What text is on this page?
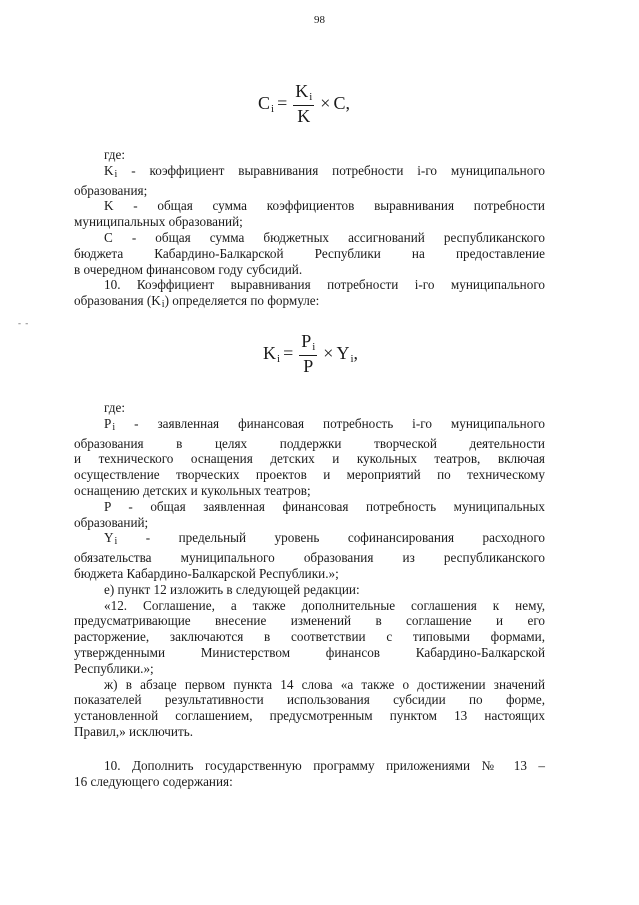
98
$C_i = \frac{K_i}{K} \times C$,

где:

Ki - коэффициент выравнивания потребности i-го муниципального

образования;

K - общая сумма коэффициентов выравнивания потребности

муниципальных образований;

C - общая сумма бюджетных ассигнований республиканского

бюджета Кабардино-Балкарской Республики на предоставление

в очередном финансовом году субсидий.

10. Коэффициент выравнивания потребности i-го муниципального

образования (Ki) определяется по формуле:

- -
$K_i = \frac{P_i}{P} \times Y_i$,

где:

Pi - заявленная финансовая потребность i-го муниципального

образования в целях поддержки творческой деятельности

и технического оснащения детских и кукольных театров, включая

осуществление творческих проектов и мероприятий по техническому

оснащению детских и кукольных театров;

P - общая заявленная финансовая потребность муниципальных

образований;

Yi - предельный уровень софинансирования расходного

обязательства муниципального образования из республиканского

бюджета Кабардино-Балкарской Республики.»;

е) пункт 12 изложить в следующей редакции:

«12. Соглашение, а также дополнительные соглашения к нему,

предусматривающие внесение изменений в соглашение и его

расторжение, заключаются в соответствии с типовыми формами,

утвержденными Министерством финансов Кабардино-Балкарской

Республики.»;

ж) в абзаце первом пункта 14 слова «а также о достижении значений

показателей результативности использования субсидии по форме,

установленной соглашением, предусмотренным пунктом 13 настоящих

Правил,» исключить.

10. Дополнить государственную программу приложениями № 13 –

16 следующего содержания:
